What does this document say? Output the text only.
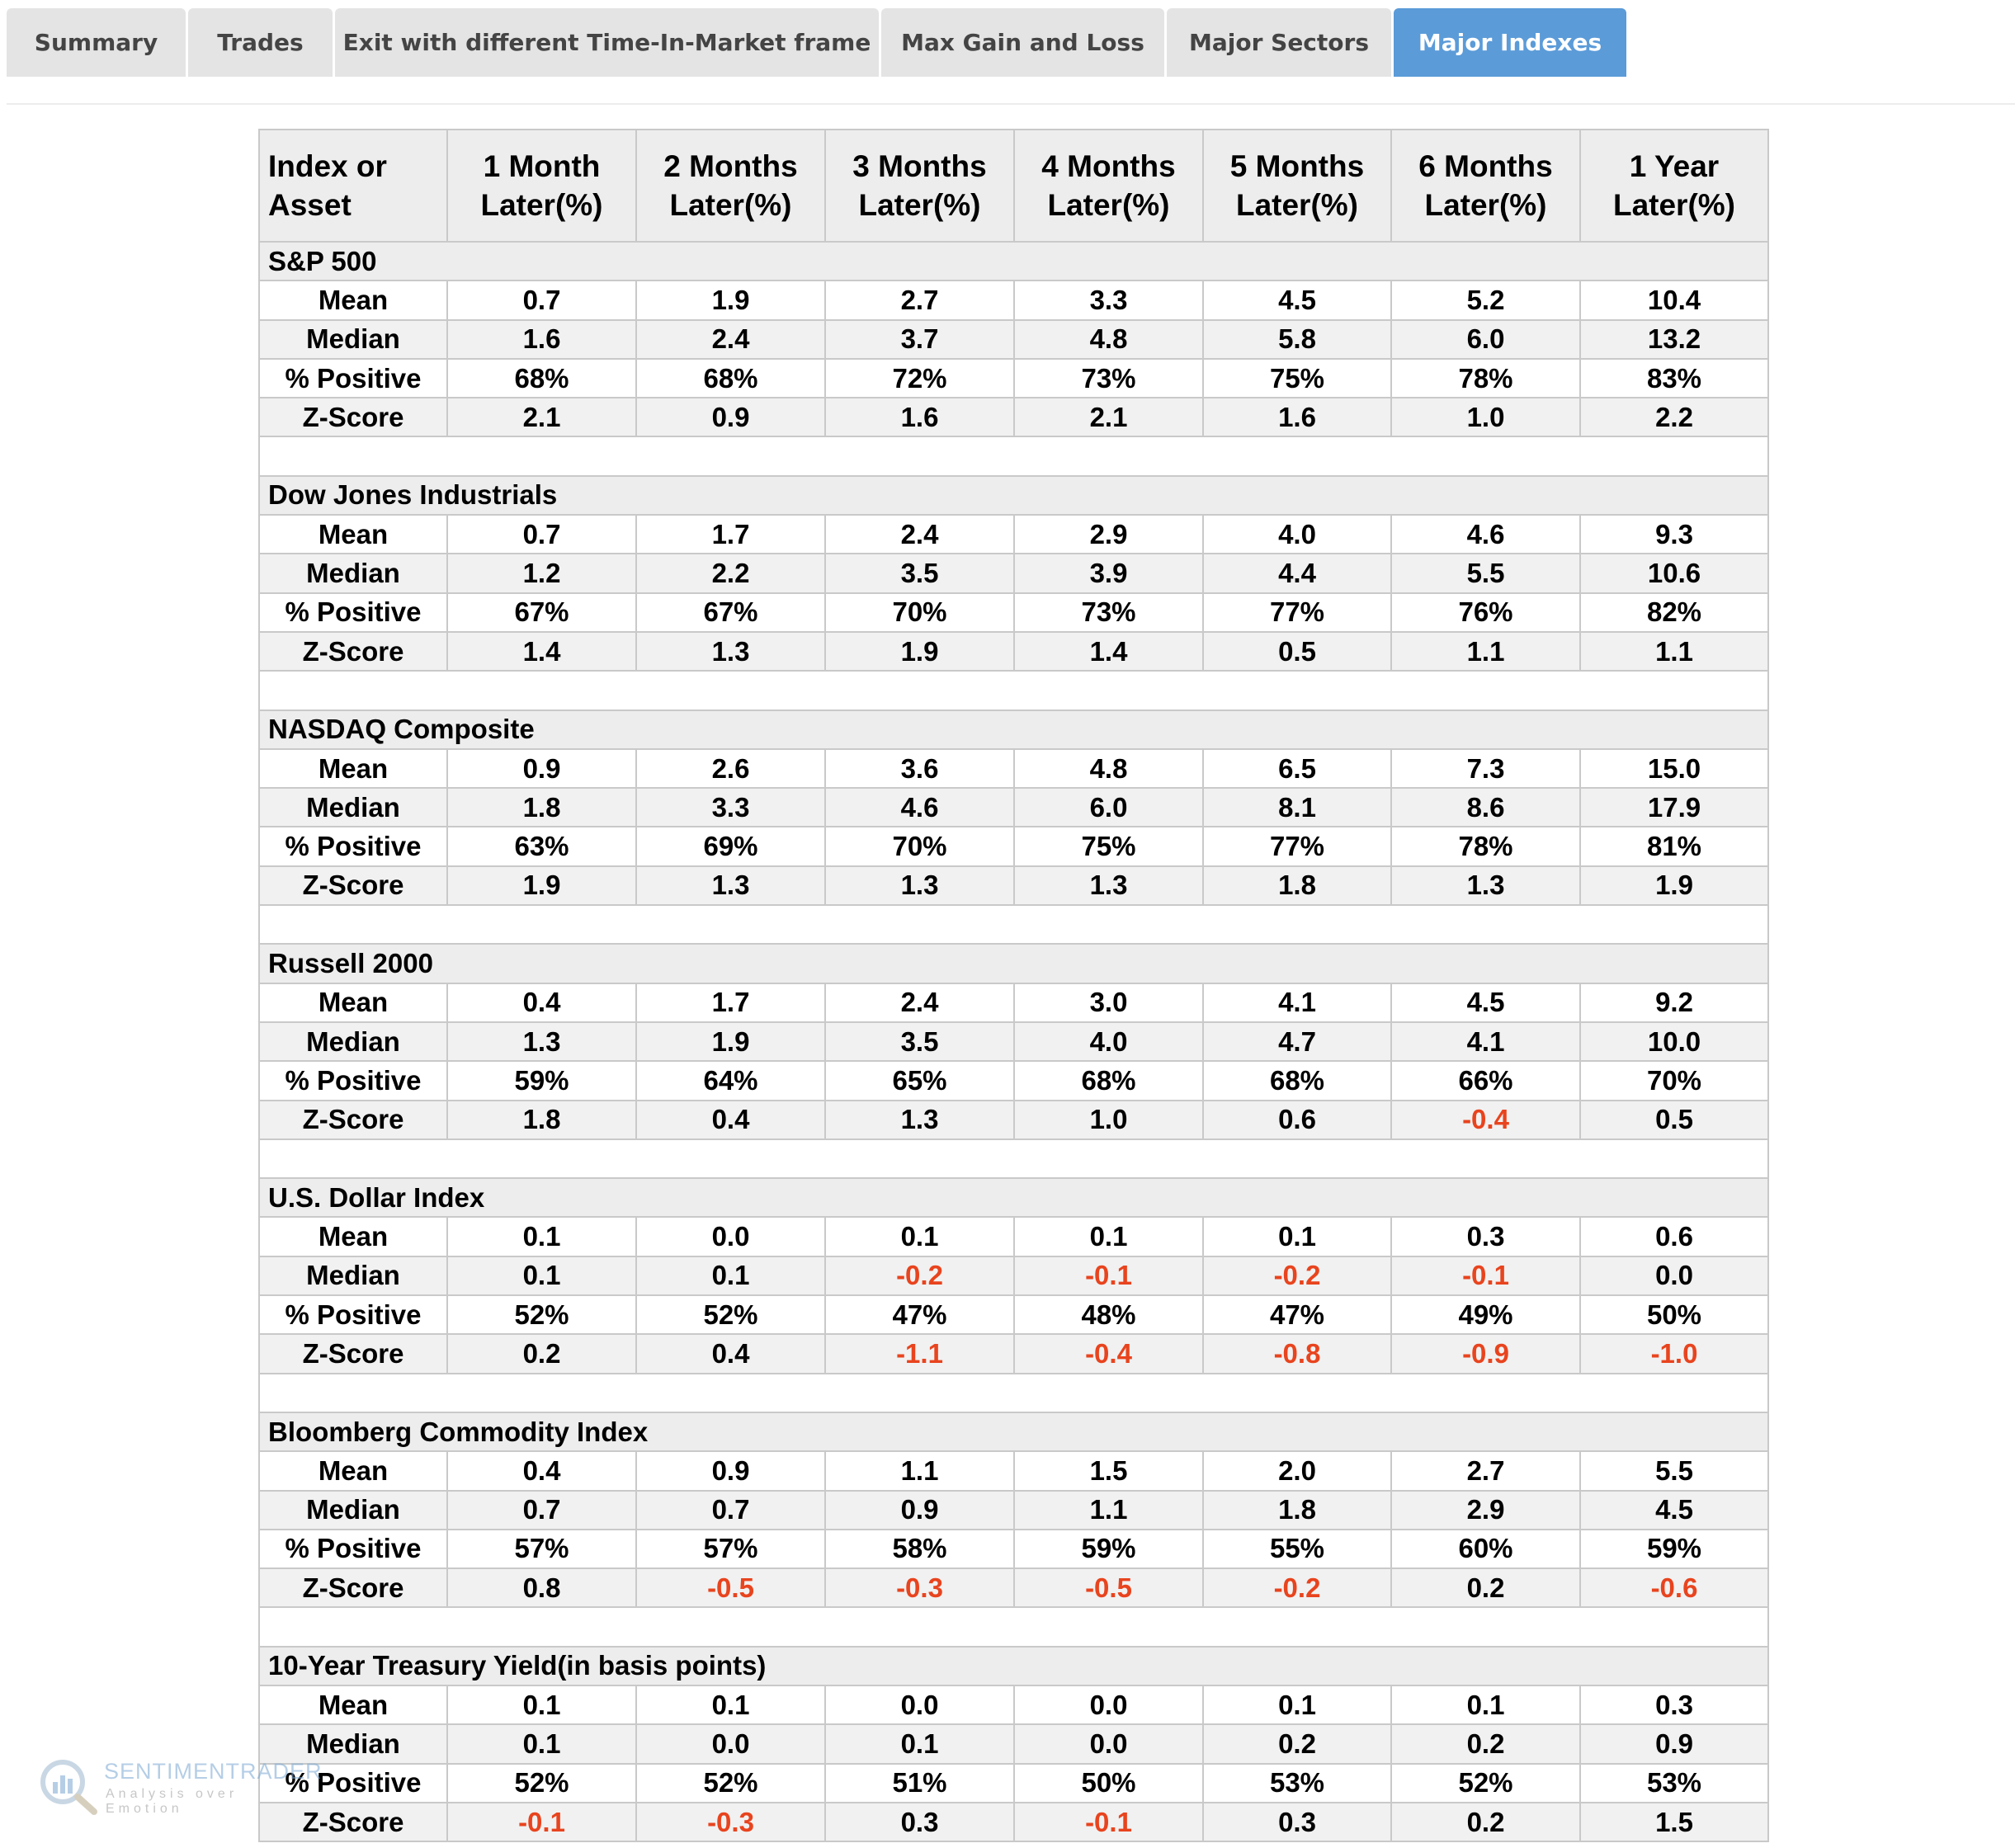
Summary	Trades	Exit with different Time-In-Market frame	Max Gain and Loss	Major Sectors	Major Indexes
Index or Asset	1 Month Later(%)	2 Months Later(%)	3 Months Later(%)	4 Months Later(%)	5 Months Later(%)	6 Months Later(%)	1 Year Later(%)
S&P 500							
Mean	0.7	1.9	2.7	3.3	4.5	5.2	10.4
Median	1.6	2.4	3.7	4.8	5.8	6.0	13.2
% Positive	68%	68%	72%	73%	75%	78%	83%
Z-Score	2.1	0.9	1.6	2.1	1.6	1.0	2.2

Dow Jones Industrials							
Mean	0.7	1.7	2.4	2.9	4.0	4.6	9.3
Median	1.2	2.2	3.5	3.9	4.4	5.5	10.6
% Positive	67%	67%	70%	73%	77%	76%	82%
Z-Score	1.4	1.3	1.9	1.4	0.5	1.1	1.1

NASDAQ Composite							
Mean	0.9	2.6	3.6	4.8	6.5	7.3	15.0
Median	1.8	3.3	4.6	6.0	8.1	8.6	17.9
% Positive	63%	69%	70%	75%	77%	78%	81%
Z-Score	1.9	1.3	1.3	1.3	1.8	1.3	1.9

Russell 2000							
Mean	0.4	1.7	2.4	3.0	4.1	4.5	9.2
Median	1.3	1.9	3.5	4.0	4.7	4.1	10.0
% Positive	59%	64%	65%	68%	68%	66%	70%
Z-Score	1.8	0.4	1.3	1.0	0.6	-0.4	0.5

U.S. Dollar Index							
Mean	0.1	0.0	0.1	0.1	0.1	0.3	0.6
Median	0.1	0.1	-0.2	-0.1	-0.2	-0.1	0.0
% Positive	52%	52%	47%	48%	47%	49%	50%
Z-Score	0.2	0.4	-1.1	-0.4	-0.8	-0.9	-1.0

Bloomberg Commodity Index							
Mean	0.4	0.9	1.1	1.5	2.0	2.7	5.5
Median	0.7	0.7	0.9	1.1	1.8	2.9	4.5
% Positive	57%	57%	58%	59%	55%	60%	59%
Z-Score	0.8	-0.5	-0.3	-0.5	-0.2	0.2	-0.6

10-Year Treasury Yield(in basis points)							
Mean	0.1	0.1	0.0	0.0	0.1	0.1	0.3
Median	0.1	0.0	0.1	0.0	0.2	0.2	0.9
% Positive	52%	52%	51%	50%	53%	52%	53%
Z-Score	-0.1	-0.3	0.3	-0.1	0.3	0.2	1.5
SENTIMENTRADER
Analysis over Emotion
